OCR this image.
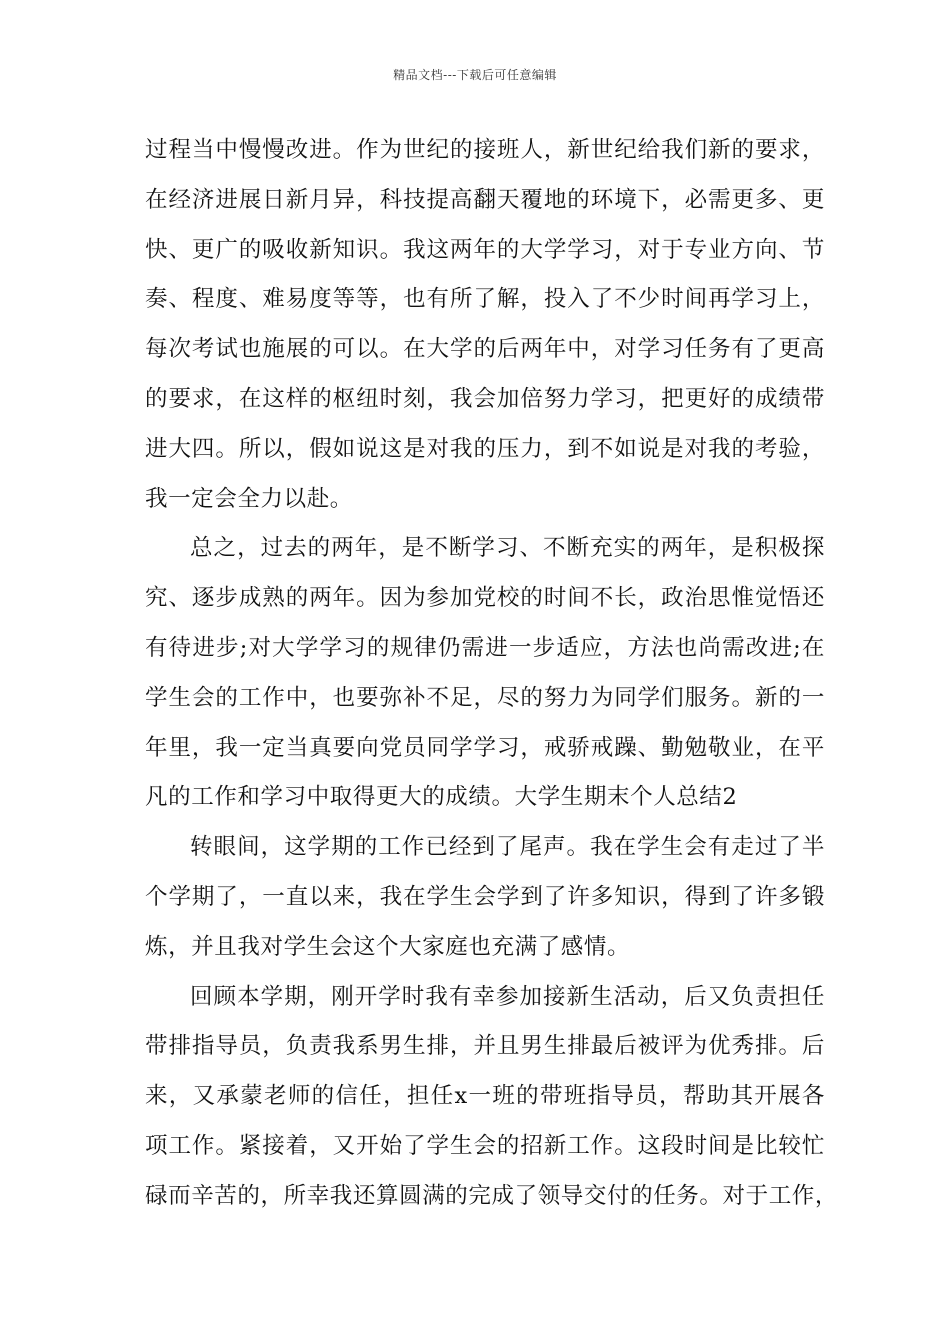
精品文档---下载后可任意编辑
过程当中慢慢改进。作为世纪的接班人，新世纪给我们新的要求，
在经济进展日新月异，科技提高翻天覆地的环境下，必需更多、更
快、更广的吸收新知识。我这两年的大学学习，对于专业方向、节
奏、程度、难易度等等，也有所了解，投入了不少时间再学习上，
每次考试也施展的可以。在大学的后两年中，对学习任务有了更高
的要求，在这样的枢纽时刻，我会加倍努力学习，把更好的成绩带
进大四。所以，假如说这是对我的压力，到不如说是对我的考验，
我一定会全力以赴。
总之，过去的两年，是不断学习、不断充实的两年，是积极探
究、逐步成熟的两年。因为参加党校的时间不长，政治思惟觉悟还
有待进步;对大学学习的规律仍需进一步适应，方法也尚需改进;在
学生会的工作中，也要弥补不足，尽的努力为同学们服务。新的一
年里，我一定当真要向党员同学学习，戒骄戒躁、勤勉敬业，在平
凡的工作和学习中取得更大的成绩。大学生期末个人总结2
转眼间，这学期的工作已经到了尾声。我在学生会有走过了半
个学期了，一直以来，我在学生会学到了许多知识，得到了许多锻
炼，并且我对学生会这个大家庭也充满了感情。
回顾本学期，刚开学时我有幸参加接新生活动，后又负责担任
带排指导员，负责我系男生排，并且男生排最后被评为优秀排。后
来，又承蒙老师的信任，担任x一班的带班指导员，帮助其开展各
项工作。紧接着，又开始了学生会的招新工作。这段时间是比较忙
碌而辛苦的，所幸我还算圆满的完成了领导交付的任务。对于工作，
